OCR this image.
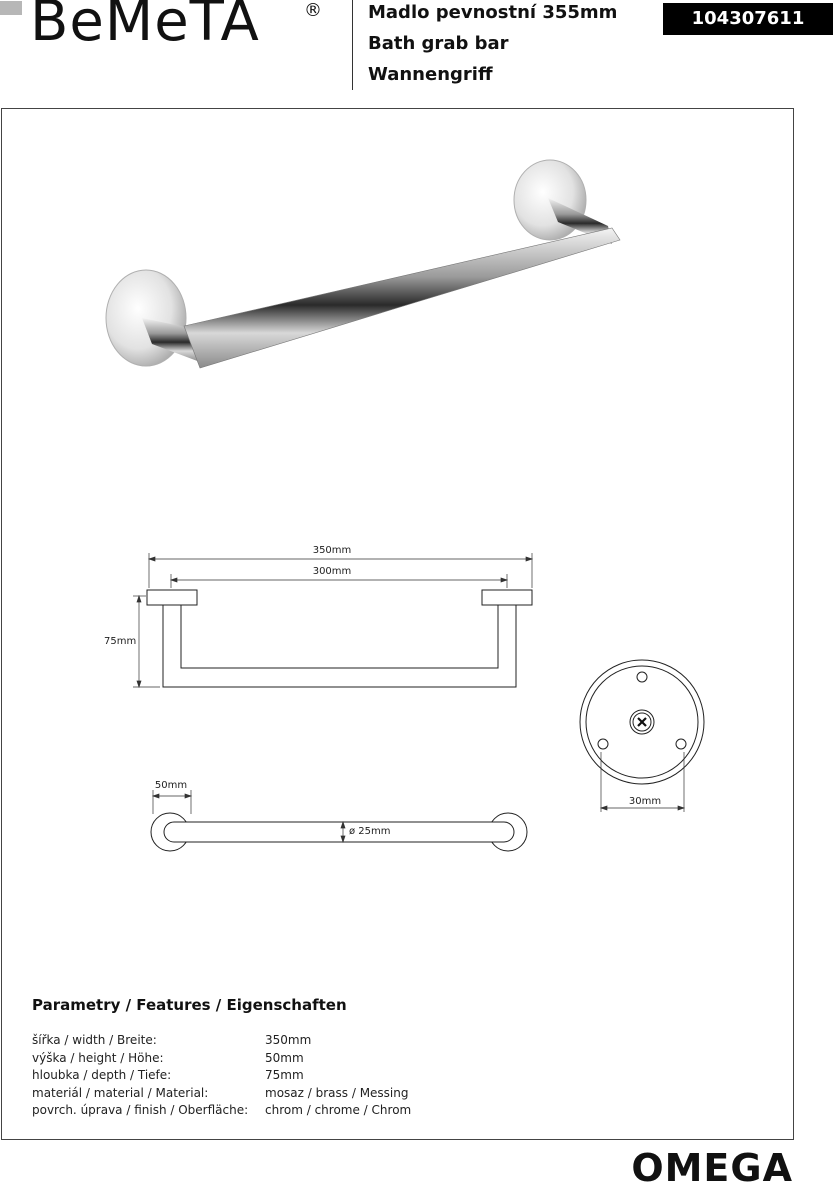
BeMeTA ®	Madlo pevnostní 355mm
Bath grab bar
Wannengriff
104307611
350mm
300mm
75mm
30mm
50mm
ø 25mm
Parametry / Features / Eigenschaften
šířka / width / Breite:	350mm
výška / height / Höhe:	50mm
hloubka / depth / Tiefe:	75mm
materiál / material / Material:	mosaz / brass / Messing
povrch. úprava / finish / Oberfläche:	chrom / chrome / Chrom
OMEGA
